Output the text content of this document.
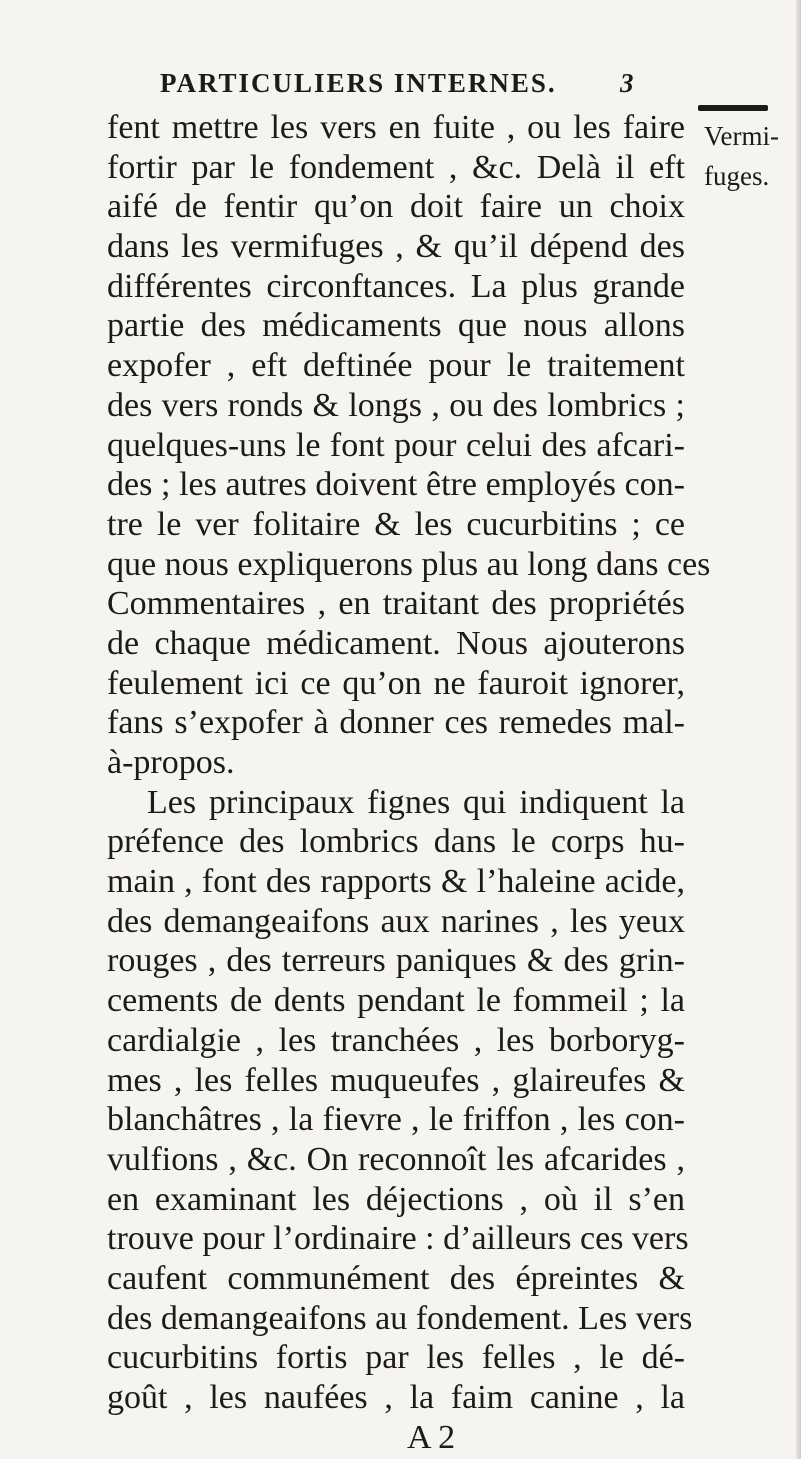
PARTICULIERS INTERNES. 3
Vermi-
fuges.
fent mettre les vers en fuite , ou les faire
fortir par le fondement , &c. Delà il eft
aifé de fentir qu’on doit faire un choix
dans les vermifuges , & qu’il dépend des
différentes circonftances. La plus grande
partie des médicaments que nous allons
expofer , eft deftinée pour le traitement
des vers ronds & longs , ou des lombrics ;
quelques-uns le font pour celui des afcari-
des ; les autres doivent être employés con-
tre le ver folitaire & les cucurbitins ; ce
que nous expliquerons plus au long dans ces
Commentaires , en traitant des propriétés
de chaque médicament. Nous ajouterons
feulement ici ce qu’on ne fauroit ignorer,
fans s’expofer à donner ces remedes mal-
à-propos.
Les principaux fignes qui indiquent la
préfence des lombrics dans le corps hu-
main , font des rapports & l’haleine acide,
des demangeaifons aux narines , les yeux
rouges , des terreurs paniques & des grin-
cements de dents pendant le fommeil ; la
cardialgie , les tranchées , les borboryg-
mes , les felles muqueufes , glaireufes &
blanchâtres , la fievre , le friffon , les con-
vulfions , &c. On reconnoît les afcarides ,
en examinant les déjections , où il s’en
trouve pour l’ordinaire : d’ailleurs ces vers
caufent communément des épreintes &
des demangeaifons au fondement. Les vers
cucurbitins fortis par les felles , le dé-
goût , les naufées , la faim canine , la
A 2
